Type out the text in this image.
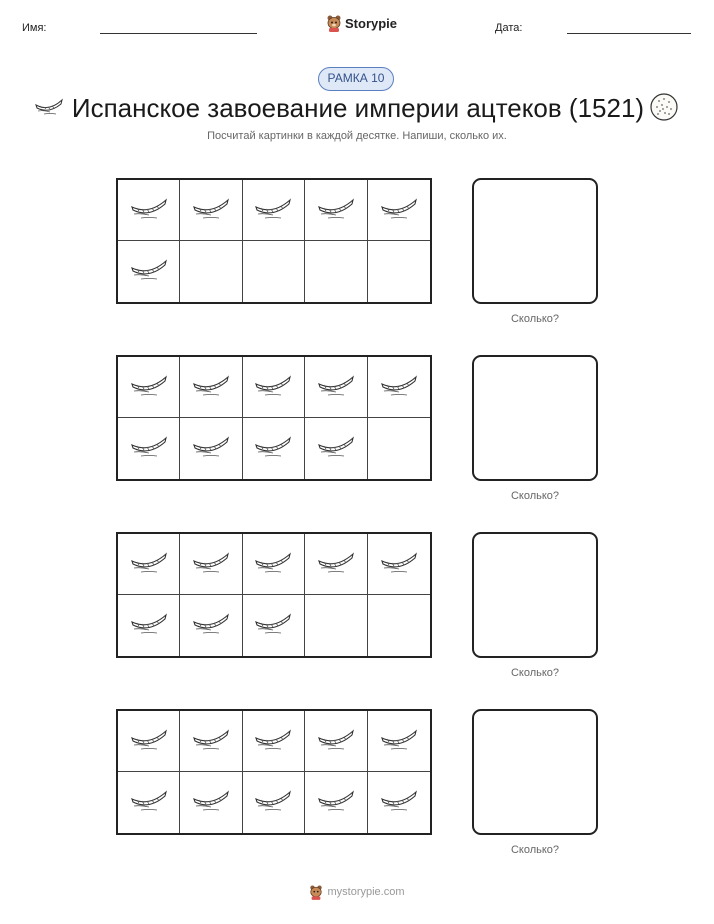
Имя:	Storypie	Дата:
РАМКА 10
Испанское завоевание империи ацтеков (1521)
Посчитай картинки в каждой десятке. Напиши, сколько их.
Сколько?
Сколько?
Сколько?
Сколько?
mystorypie.com
